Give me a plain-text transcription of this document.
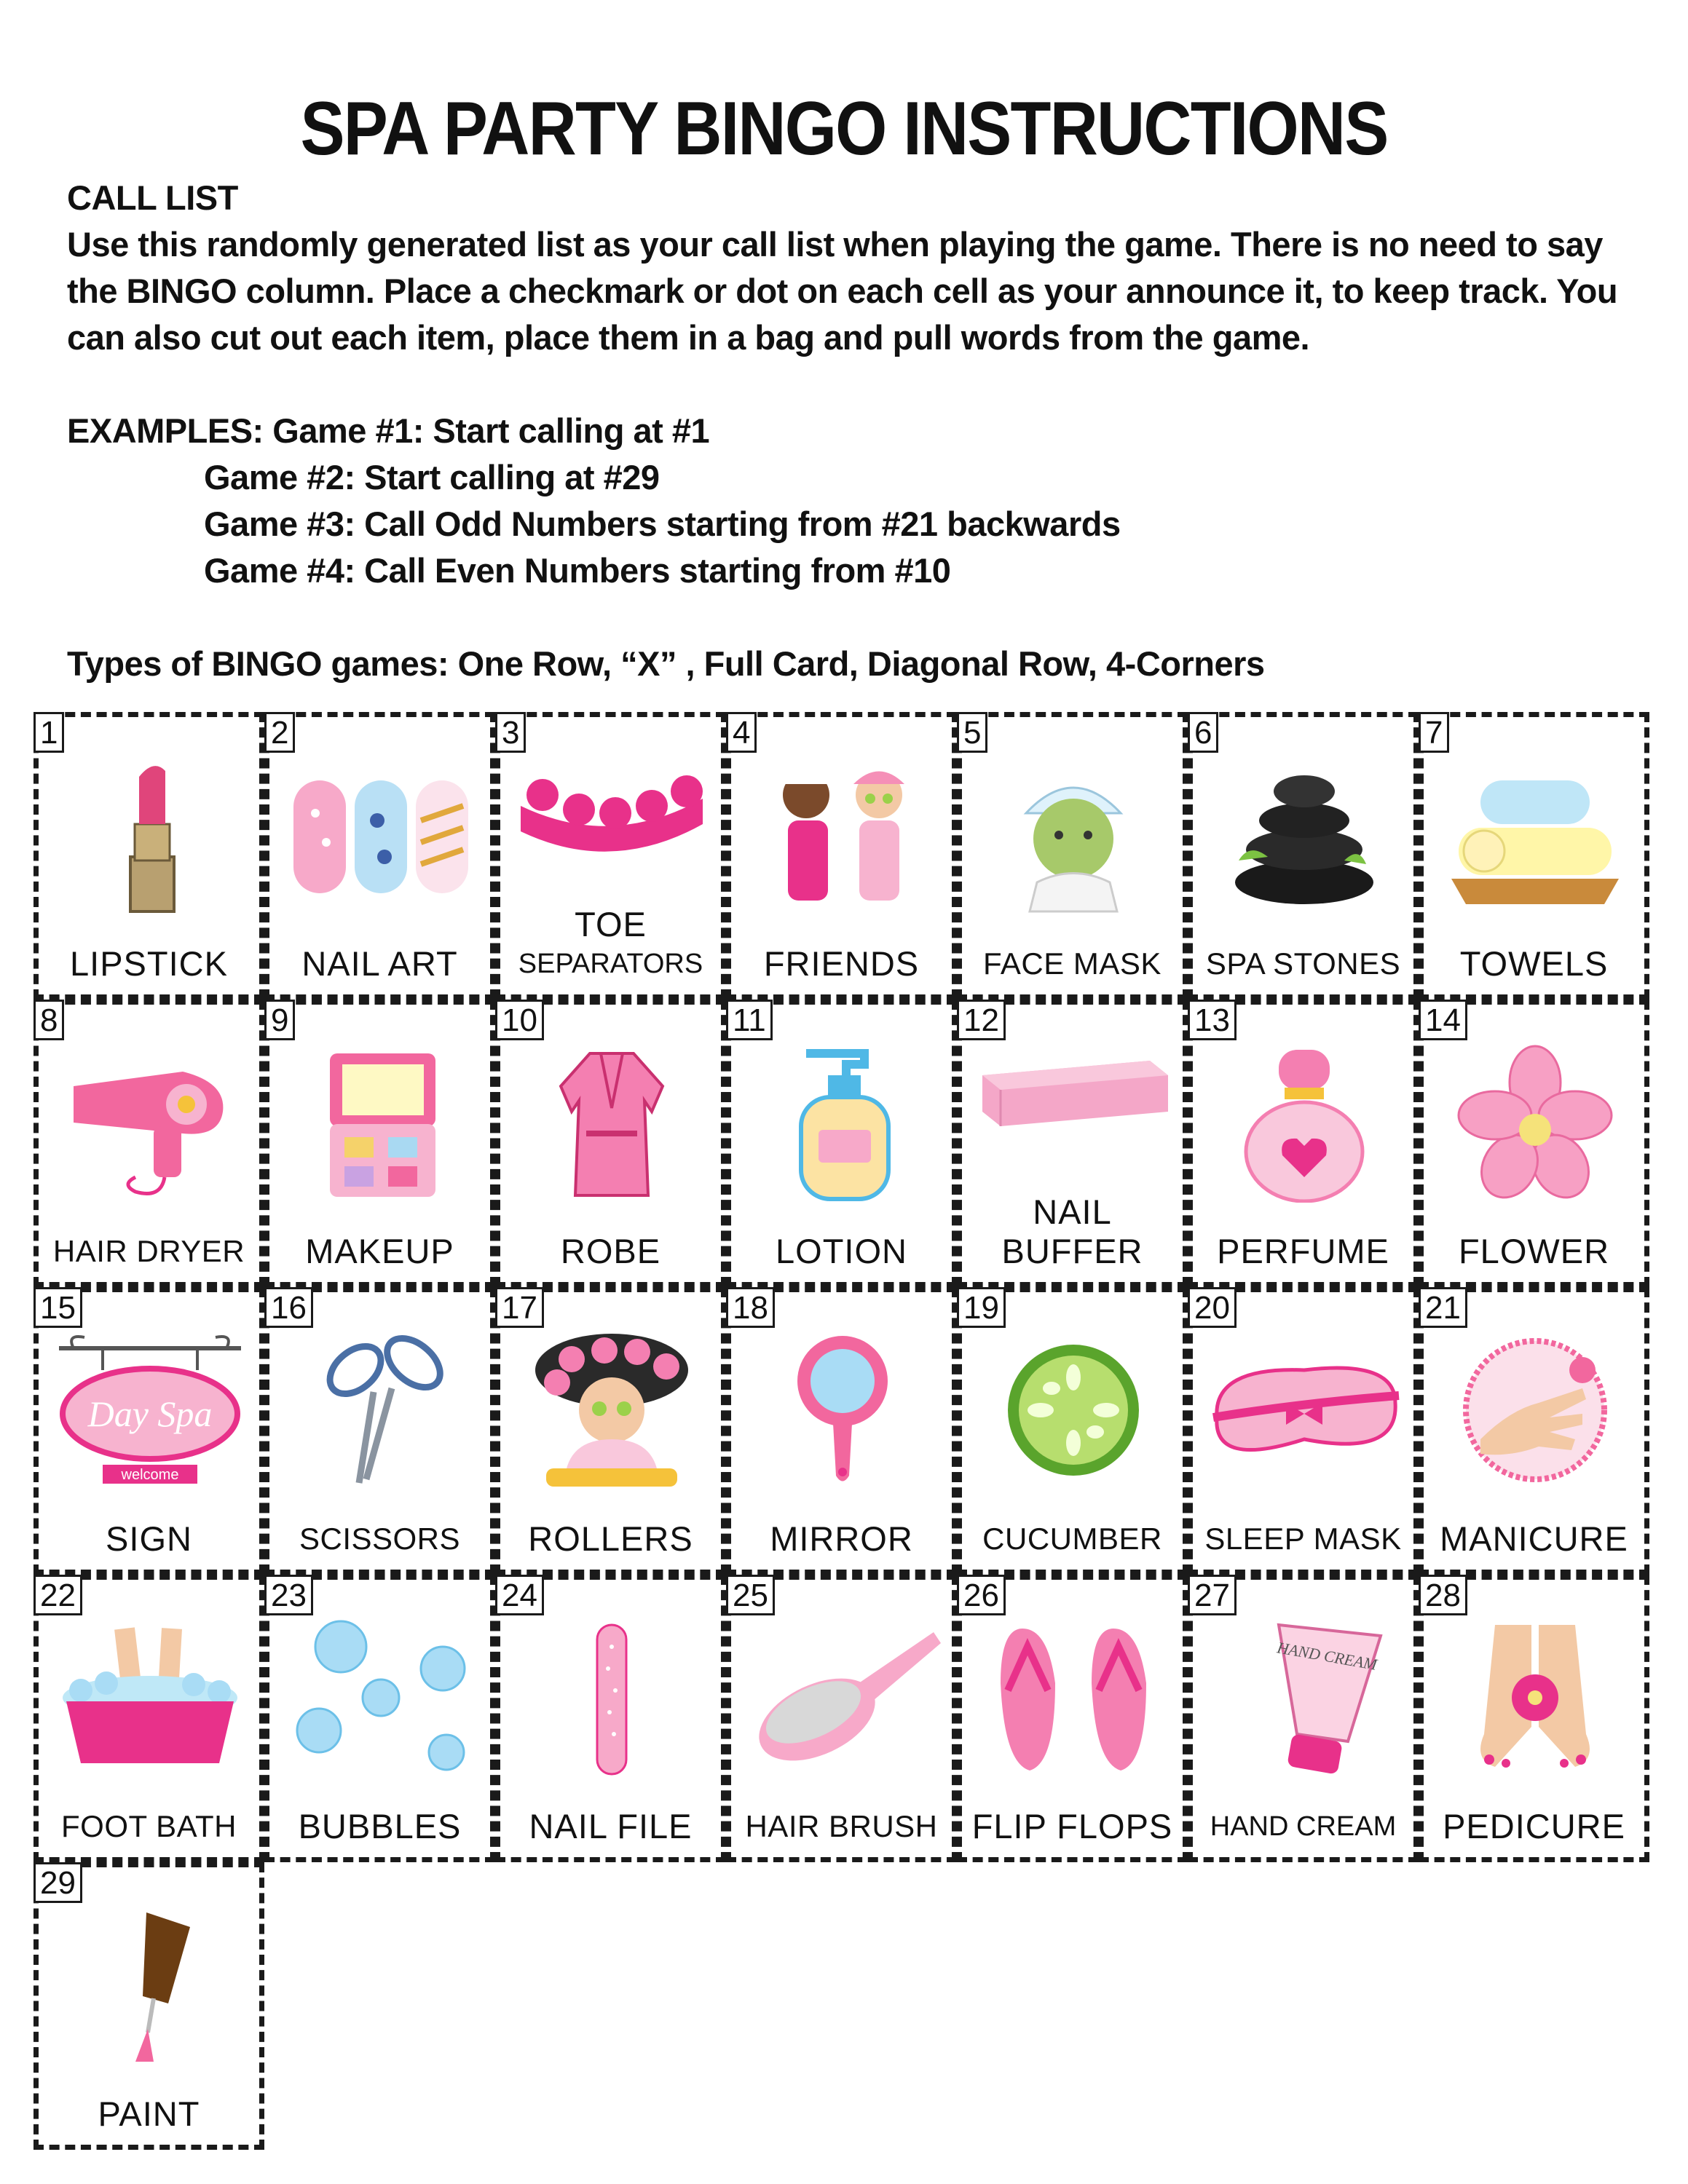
SPA PARTY BINGO INSTRUCTIONS

CALL LIST

Use this randomly generated list as your call list when playing the game. There is no need to say the BINGO column. Place a checkmark or dot on each cell as your announce it, to keep track. You can also cut out each item, place them in a bag and pull words from the game.

EXAMPLES: Game #1: Start calling at #1

Game #2: Start calling at #29

Game #3: Call Odd Numbers starting from #21 backwards

Game #4: Call Even Numbers starting from #10

Types of BINGO games: One Row, “X” , Full Card, Diagonal Row, 4-Corners

1
LIPSTICK
2
NAIL ART
3
TOE
SEPARATORS
4
FRIENDS
5
FACE MASK
6
SPA STONES
7
TOWELS
8
HAIR DRYER
9
MAKEUP
10
ROBE
11
LOTION
12
NAIL
BUFFER
13
PERFUME
14
FLOWER
15
Day Spa
welcome
SIGN
16
SCISSORS
17
ROLLERS
18
MIRROR
19
CUCUMBER
20
SLEEP MASK
21
MANICURE
22
FOOT BATH
23
BUBBLES
24
NAIL FILE
25
HAIR BRUSH
26
FLIP FLOPS
27
HAND CREAM
HAND CREAM
28
PEDICURE
29
PAINT
